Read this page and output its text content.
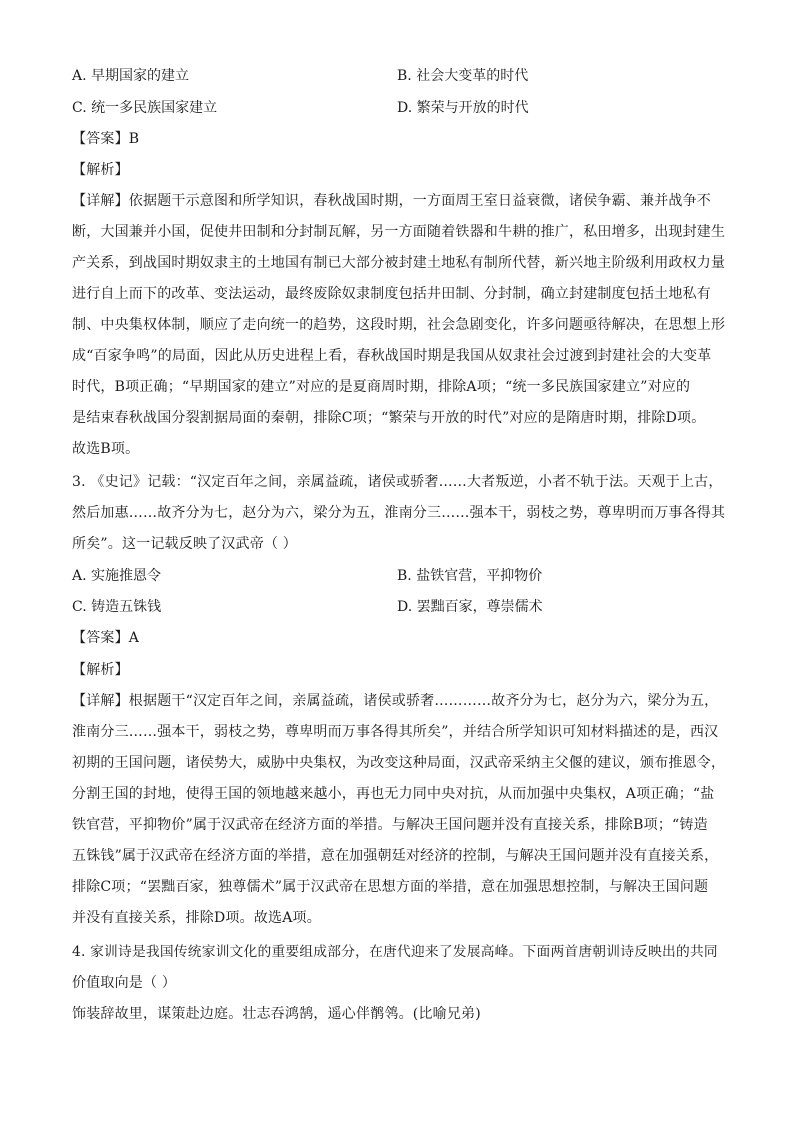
A. 早期国家的建立	B. 社会大变革的时代
C. 统一多民族国家建立	D. 繁荣与开放的时代
【答案】B
【解析】
【详解】依据题干示意图和所学知识，春秋战国时期，一方面周王室日益衰微，诸侯争霸、兼并战争不
断，大国兼并小国，促使井田制和分封制瓦解，另一方面随着铁器和牛耕的推广，私田增多，出现封建生
产关系，到战国时期奴隶主的土地国有制已大部分被封建土地私有制所代替，新兴地主阶级利用政权力量
进行自上而下的改革、变法运动，最终废除奴隶制度包括井田制、分封制，确立封建制度包括土地私有
制、中央集权体制，顺应了走向统一的趋势，这段时期，社会急剧变化，许多问题亟待解决，在思想上形
成“百家争鸣”的局面，因此从历史进程上看，春秋战国时期是我国从奴隶社会过渡到封建社会的大变革
时代，B项正确；“早期国家的建立”对应的是夏商周时期，排除A项；“统一多民族国家建立”对应的
是结束春秋战国分裂割据局面的秦朝，排除C项；“繁荣与开放的时代”对应的是隋唐时期，排除D项。
故选B项。
3. 《史记》记载：“汉定百年之间，亲属益疏，诸侯或骄奢……大者叛逆，小者不轨于法。天观于上古，
然后加惠……故齐分为七，赵分为六，梁分为五，淮南分三……强本干，弱枝之势，尊卑明而万事各得其
所矣”。这一记载反映了汉武帝（ ）
A. 实施推恩令	B. 盐铁官营，平抑物价
C. 铸造五铢钱	D. 罢黜百家，尊崇儒术
【答案】A
【解析】
【详解】根据题干“汉定百年之间，亲属益疏，诸侯或骄奢…………故齐分为七，赵分为六，梁分为五，
淮南分三……强本干，弱枝之势，尊卑明而万事各得其所矣”，并结合所学知识可知材料描述的是，西汉
初期的王国问题，诸侯势大，威胁中央集权，为改变这种局面，汉武帝采纳主父偃的建议，颁布推恩令，
分割王国的封地，使得王国的领地越来越小，再也无力同中央对抗，从而加强中央集权，A项正确；“盐
铁官营，平抑物价”属于汉武帝在经济方面的举措。与解决王国问题并没有直接关系，排除B项；“铸造
五铢钱”属于汉武帝在经济方面的举措，意在加强朝廷对经济的控制，与解决王国问题并没有直接关系，
排除C项；“罢黜百家，独尊儒术”属于汉武帝在思想方面的举措，意在加强思想控制，与解决王国问题
并没有直接关系，排除D项。故选A项。
4. 家训诗是我国传统家训文化的重要组成部分，在唐代迎来了发展高峰。下面两首唐朝训诗反映出的共同
价值取向是（ ）
饰装辞故里，谋策赴边庭。壮志吞鸿鹄，遥心伴鹡鸰。(比喻兄弟)
